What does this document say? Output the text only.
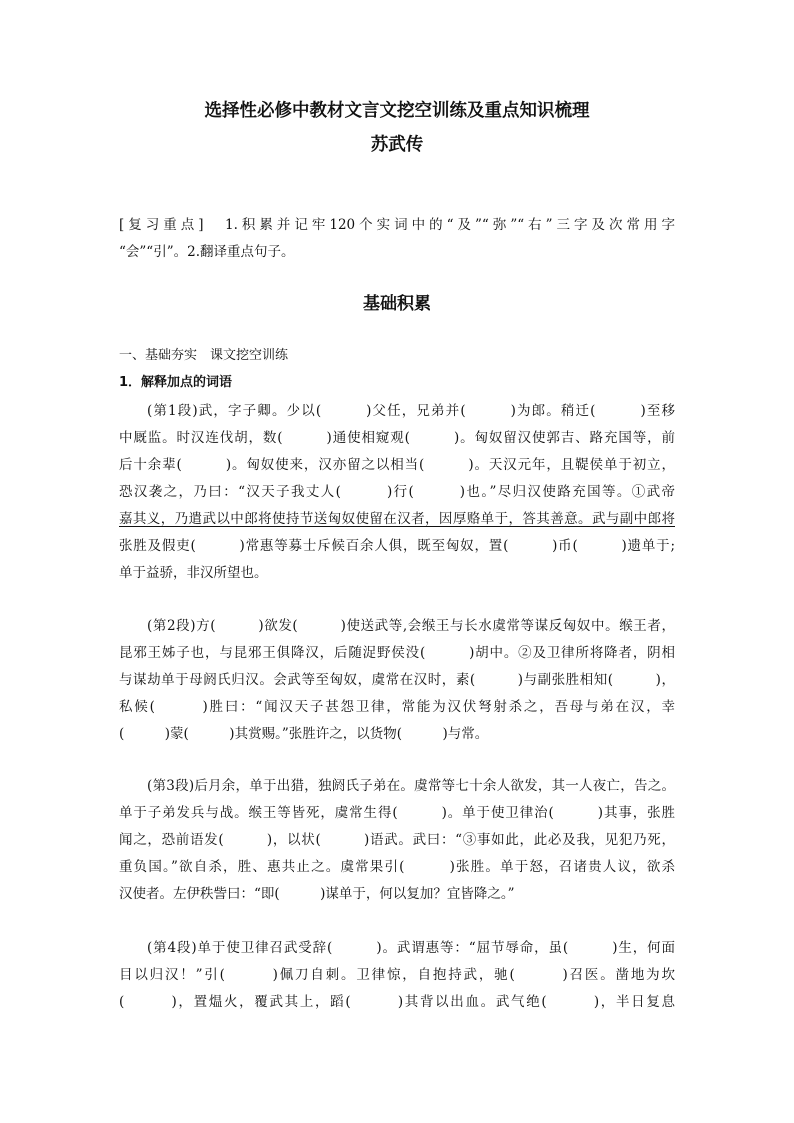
选择性必修中教材文言文挖空训练及重点知识梳理
苏武传
[复习重点]　1.积累并记牢120个实词中的“及”“弥”“右”三字及次常用字
“会”“引”。2.翻译重点句子。
基础积累
一、基础夯实　课文挖空训练
1．解释加点的词语
(第1段)武，字子卿。少以(　　　)父任，兄弟并(　　　)为郎。稍迁(　　　)至移
中厩监。时汉连伐胡，数(　　　)通使相窥观(　　　)。匈奴留汉使郭吉、路充国等，前
后十余辈(　　　)。匈奴使来，汉亦留之以相当(　　　)。天汉元年，且鞮侯单于初立，
恐汉袭之，乃曰：“汉天子我丈人(　　　)行(　　　)也。”尽归汉使路充国等。①武帝
嘉其义，乃遣武以中郎将使持节送匈奴使留在汉者，因厚赂单于，答其善意。武与副中郎将
张胜及假吏(　　　)常惠等募士斥候百余人俱，既至匈奴，置(　　　)币(　　　)遗单于;
单于益骄，非汉所望也。
(第2段)方(　　　)欲发(　　　)使送武等,会缑王与长水虞常等谋反匈奴中。缑王者，
昆邪王姊子也，与昆邪王俱降汉，后随浞野侯没(　　　)胡中。②及卫律所将降者，阴相
与谋劫单于母阏氏归汉。会武等至匈奴，虞常在汉时，素(　　　)与副张胜相知(　　　)，
私候(　　　)胜曰：“闻汉天子甚怨卫律，常能为汉伏弩射杀之，吾母与弟在汉，幸
(　　　)蒙(　　　)其赏赐。”张胜许之，以货物(　　　)与常。
(第3段)后月余，单于出猎，独阏氏子弟在。虞常等七十余人欲发，其一人夜亡，告之。
单于子弟发兵与战。缑王等皆死，虞常生得(　　　)。单于使卫律治(　　　)其事，张胜
闻之，恐前语发(　　　)，以状(　　　)语武。武曰：“③事如此，此必及我，见犯乃死，
重负国。”欲自杀，胜、惠共止之。虞常果引(　　　)张胜。单于怒，召诸贵人议，欲杀
汉使者。左伊秩訾曰：“即(　　　)谋单于，何以复加？宜皆降之。”
(第4段)单于使卫律召武受辞(　　　)。武谓惠等：“屈节辱命，虽(　　　)生，何面
目以归汉！”引(　　　)佩刀自刺。卫律惊，自抱持武，驰(　　　)召医。凿地为坎
(　　　)，置煴火，覆武其上，蹈(　　　)其背以出血。武气绝(　　　)，半日复息
